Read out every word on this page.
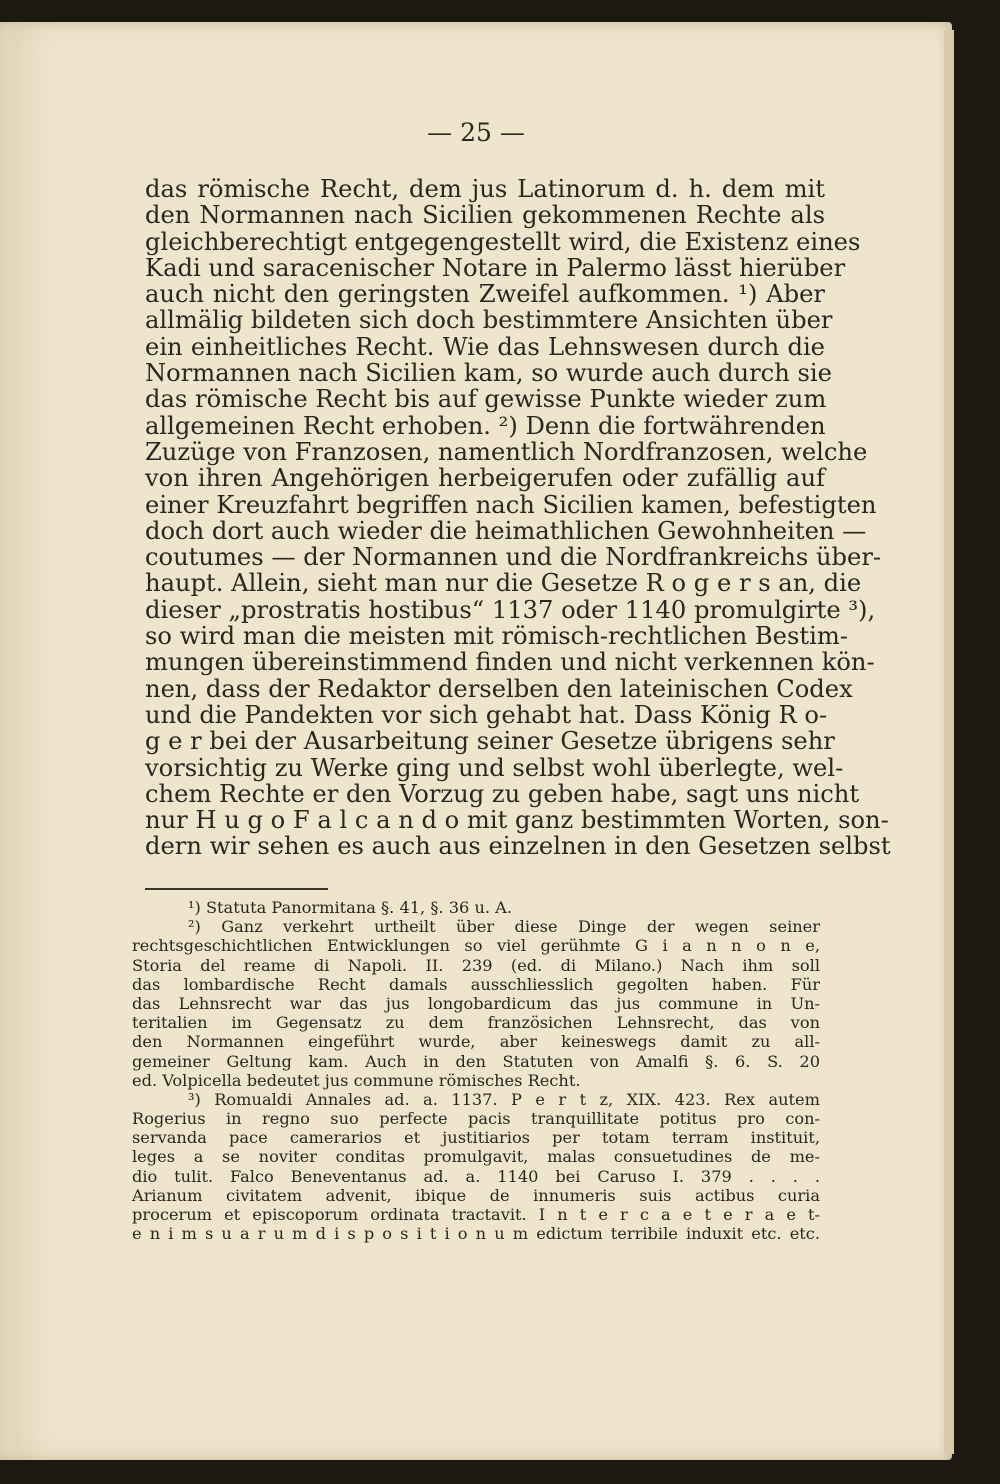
— 25 —
das römische Recht, dem jus Latinorum d. h. dem mit
den Normannen nach Sicilien gekommenen Rechte als
gleichberechtigt entgegengestellt wird, die Existenz eines
Kadi und saracenischer Notare in Palermo lässt hierüber
auch nicht den geringsten Zweifel aufkommen. ¹) Aber
allmälig bildeten sich doch bestimmtere Ansichten über
ein einheitliches Recht. Wie das Lehnswesen durch die
Normannen nach Sicilien kam, so wurde auch durch sie
das römische Recht bis auf gewisse Punkte wieder zum
allgemeinen Recht erhoben. ²) Denn die fortwährenden
Zuzüge von Franzosen, namentlich Nordfranzosen, welche
von ihren Angehörigen herbeigerufen oder zufällig auf
einer Kreuzfahrt begriffen nach Sicilien kamen, befestigten
doch dort auch wieder die heimathlichen Gewohnheiten —
coutumes — der Normannen und die Nordfrankreichs über-
haupt. Allein, sieht man nur die Gesetze R o g e r s an, die
dieser „prostratis hostibus“ 1137 oder 1140 promulgirte ³),
so wird man die meisten mit römisch-rechtlichen Bestim-
mungen übereinstimmend finden und nicht verkennen kön-
nen, dass der Redaktor derselben den lateinischen Codex
und die Pandekten vor sich gehabt hat. Dass König R o-
g e r bei der Ausarbeitung seiner Gesetze übrigens sehr
vorsichtig zu Werke ging und selbst wohl überlegte, wel-
chem Rechte er den Vorzug zu geben habe, sagt uns nicht
nur H u g o F a l c a n d o mit ganz bestimmten Worten, son-
dern wir sehen es auch aus einzelnen in den Gesetzen selbst
¹) Statuta Panormitana §. 41, §. 36 u. A.
²) Ganz verkehrt urtheilt über diese Dinge der wegen seiner
rechtsgeschichtlichen Entwicklungen so viel gerühmte G i a n n o n e,
Storia del reame di Napoli. II. 239 (ed. di Milano.) Nach ihm soll
das lombardische Recht damals ausschliesslich gegolten haben. Für
das Lehnsrecht war das jus longobardicum das jus commune in Un-
teritalien im Gegensatz zu dem französichen Lehnsrecht, das von
den Normannen eingeführt wurde, aber keineswegs damit zu all-
gemeiner Geltung kam. Auch in den Statuten von Amalfi §. 6. S. 20
ed. Volpicella bedeutet jus commune römisches Recht.
³) Romualdi Annales ad. a. 1137. P e r t z, XIX. 423. Rex autem
Rogerius in regno suo perfecte pacis tranquillitate potitus pro con-
servanda pace camerarios et justitiarios per totam terram instituit,
leges a se noviter conditas promulgavit, malas consuetudines de me-
dio tulit. Falco Beneventanus ad. a. 1140 bei Caruso I. 379 . . . .
Arianum civitatem advenit, ibique de innumeris suis actibus curia
procerum et episcoporum ordinata tractavit. I n t e r c a e t e r a e t-
e n i m s u a r u m d i s p o s i t i o n u m edictum terribile induxit etc. etc.
